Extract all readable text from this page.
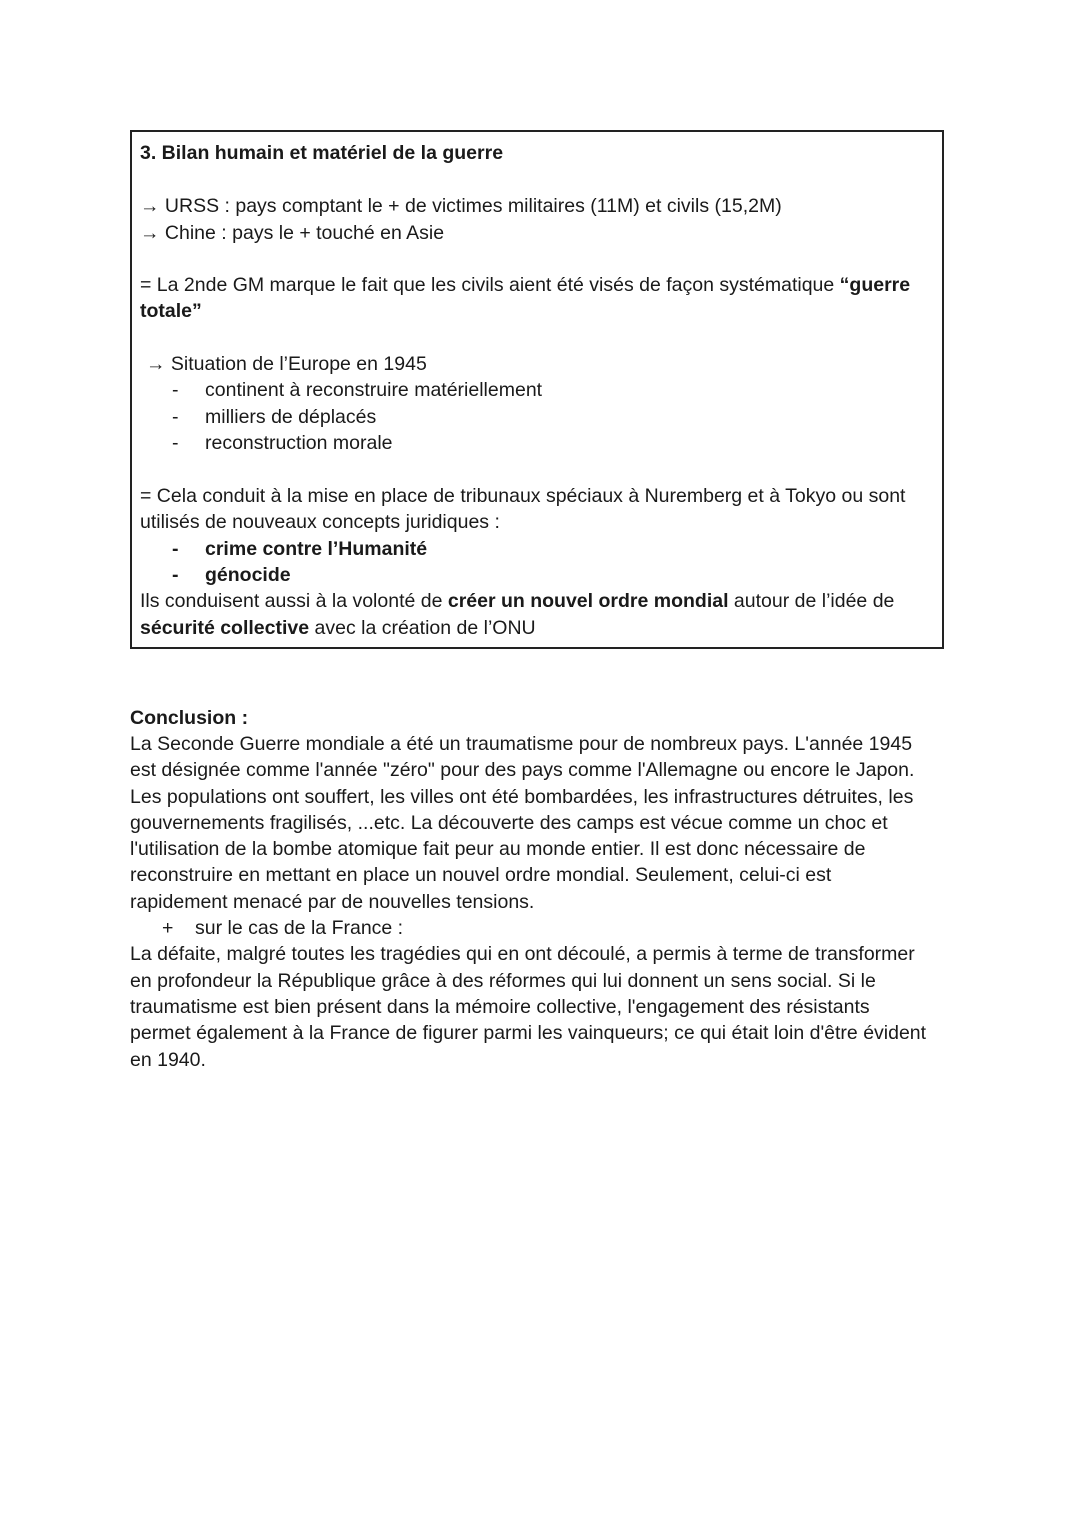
3. Bilan humain et matériel de la guerre
→ URSS : pays comptant le + de victimes militaires (11M) et civils (15,2M)
→ Chine : pays le + touché en Asie
= La 2nde GM marque le fait que les civils aient été visés de façon systématique “guerre
totale”
→ Situation de l’Europe en 1945
- continent à reconstruire matériellement
- milliers de déplacés
- reconstruction morale
= Cela conduit à la mise en place de tribunaux spéciaux à Nuremberg et à Tokyo ou sont
utilisés de nouveaux concepts juridiques :
- crime contre l’Humanité
- génocide
Ils conduisent aussi à la volonté de créer un nouvel ordre mondial autour de l’idée de
sécurité collective avec la création de l’ONU
Conclusion :
La Seconde Guerre mondiale a été un traumatisme pour de nombreux pays. L'année 1945
est désignée comme l'année "zéro" pour des pays comme l'Allemagne ou encore le Japon.
Les populations ont souffert, les villes ont été bombardées, les infrastructures détruites, les
gouvernements fragilisés, ...etc. La découverte des camps est vécue comme un choc et
l'utilisation de la bombe atomique fait peur au monde entier. Il est donc nécessaire de
reconstruire en mettant en place un nouvel ordre mondial. Seulement, celui-ci est
rapidement menacé par de nouvelles tensions.
+ sur le cas de la France :
La défaite, malgré toutes les tragédies qui en ont découlé, a permis à terme de transformer
en profondeur la République grâce à des réformes qui lui donnent un sens social. Si le
traumatisme est bien présent dans la mémoire collective, l'engagement des résistants
permet également à la France de figurer parmi les vainqueurs; ce qui était loin d'être évident
en 1940.
